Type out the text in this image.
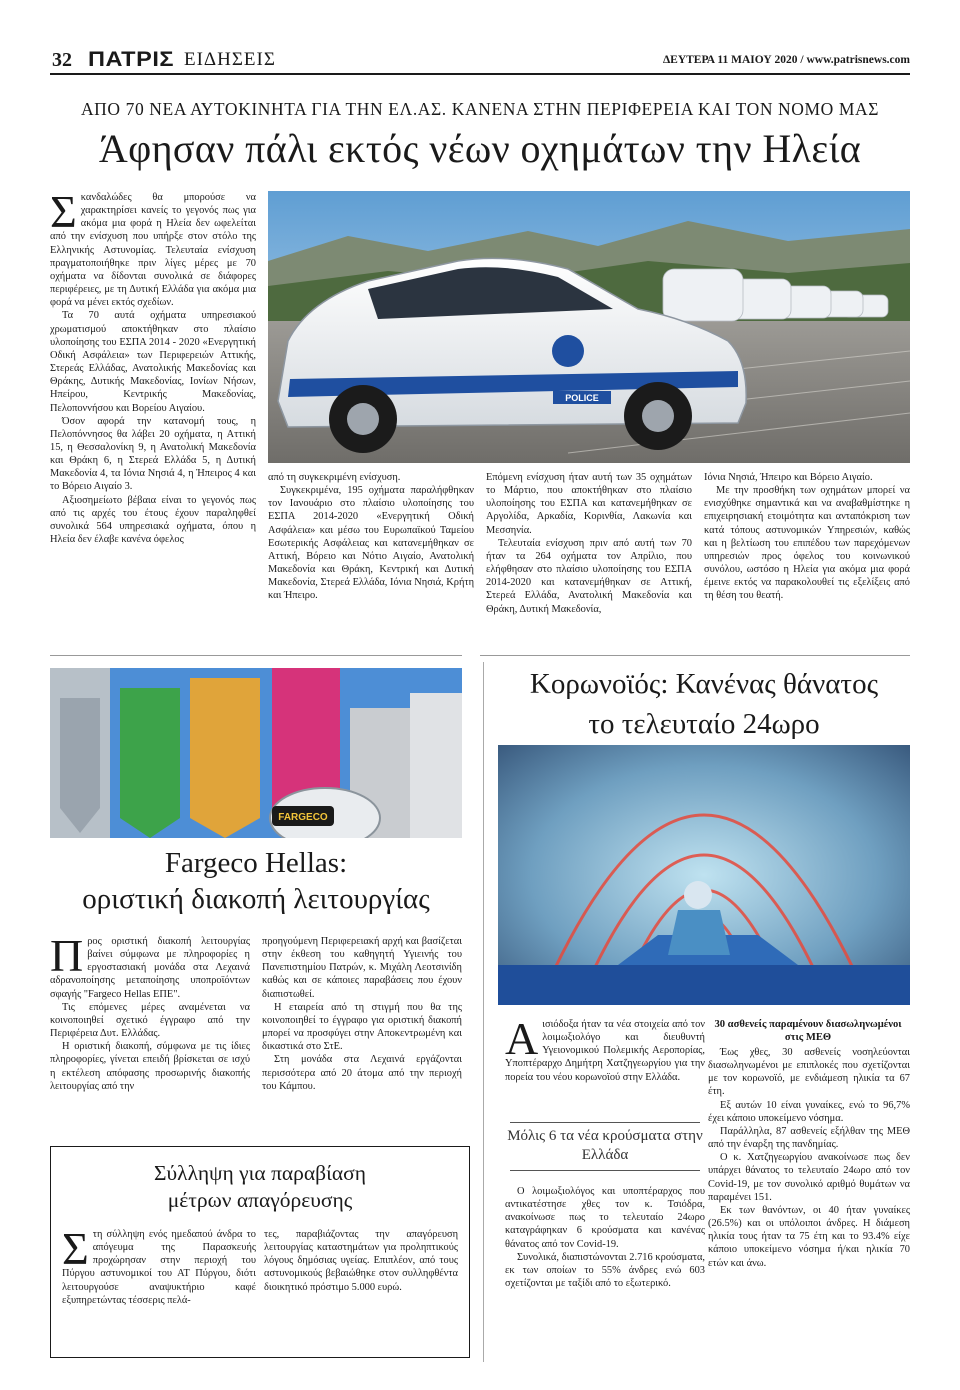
32 ΠΑΤΡΙΣ ΕΙΔΗΣΕΙΣ	ΔΕΥΤΕΡΑ 11 ΜΑΙΟΥ 2020 / www.patrisnews.com
ΑΠΟ 70 ΝΕΑ ΑΥΤΟΚΙΝΗΤΑ ΓΙΑ ΤΗΝ ΕΛ.ΑΣ. ΚΑΝΕΝΑ ΣΤΗΝ ΠΕΡΙΦΕΡΕΙΑ ΚΑΙ ΤΟΝ ΝΟΜΟ ΜΑΣ
Άφησαν πάλι εκτός νέων οχημάτων την Ηλεία

Σκανδαλώδες θα μπορούσε να χαρακτηρίσει κανείς το γεγονός πως για ακόμα μια φορά η Ηλεία δεν ωφελείται από την ενίσχυση που υπήρξε στον στόλο της Ελληνικής Αστυνομίας. Τελευταία ενίσχυση πραγματοποιήθηκε πριν λίγες μέρες με 70 οχήματα να δίδονται συνολικά σε διάφορες περιφέρειες, με τη Δυτική Ελλάδα για ακόμα μια φορά να μένει εκτός σχεδίων.

Τα 70 αυτά οχήματα υπηρεσιακού χρωματισμού αποκτήθηκαν στο πλαίσιο υλοποίησης του ΕΣΠΑ 2014 - 2020 «Ενεργητική Οδική Ασφάλεια» των Περιφερειών Αττικής, Στερεάς Ελλάδας, Ανατολικής Μακεδονίας και Θράκης, Δυτικής Μακεδονίας, Ιονίων Νήσων, Ηπείρου, Κεντρικής Μακεδονίας, Πελοποννήσου και Βορείου Αιγαίου.

Όσον αφορά την κατανομή τους, η Πελοπόννησος θα λάβει 20 οχήματα, η Αττική 15, η Θεσσαλονίκη 9, η Ανατολική Μακεδονία και Θράκη 6, η Στερεά Ελλάδα 5, η Δυτική Μακεδονία 4, τα Ιόνια Νησιά 4, η Ήπειρος 4 και το Βόρειο Αιγαίο 3.

Αξιοσημείωτο βέβαια είναι το γεγονός πως από τις αρχές του έτους έχουν παραληφθεί συνολικά 564 υπηρεσιακά οχήματα, όπου η Ηλεία δεν έλαβε κανένα όφελος

POLICE

από τη συγκεκριμένη ενίσχυση.

Συγκεκριμένα, 195 οχήματα παραλήφθηκαν τον Ιανουάριο στο πλαίσιο υλοποίησης του ΕΣΠΑ 2014-2020 «Ενεργητική Οδική Ασφάλεια» και μέσω του Ευρωπαϊκού Ταμείου Εσωτερικής Ασφάλειας και κατανεμήθηκαν σε Αττική, Βόρειο και Νότιο Αιγαίο, Ανατολική Μακεδονία και Θράκη, Κεντρική και Δυτική Μακεδονία, Στερεά Ελλάδα, Ιόνια Νησιά, Κρήτη και Ήπειρο.

Επόμενη ενίσχυση ήταν αυτή των 35 οχημάτων το Μάρτιο, που αποκτήθηκαν στο πλαίσιο υλοποίησης του ΕΣΠΑ και κατανεμήθηκαν σε Αργολίδα, Αρκαδία, Κορινθία, Λακωνία και Μεσσηνία.

Τελευταία ενίσχυση πριν από αυτή των 70 ήταν τα 264 οχήματα τον Απρίλιο, που ελήφθησαν στο πλαίσιο υλοποίησης του ΕΣΠΑ 2014-2020 και κατανεμήθηκαν σε Αττική, Στερεά Ελλάδα, Ανατολική Μακεδονία και Θράκη, Δυτική Μακεδονία,

Ιόνια Νησιά, Ήπειρο και Βόρειο Αιγαίο.

Με την προσθήκη των οχημάτων μπορεί να ενισχύθηκε σημαντικά και να αναβαθμίστηκε η επιχειρησιακή ετοιμότητα και ανταπόκριση των κατά τόπους αστυνομικών Υπηρεσιών, καθώς και η βελτίωση του επιπέδου των παρεχόμενων υπηρεσιών προς όφελος του κοινωνικού συνόλου, ωστόσο η Ηλεία για ακόμα μια φορά έμεινε εκτός να παρακολουθεί τις εξελίξεις από τη θέση του θεατή.

FARGECO
Fargeco Hellas:
οριστική διακοπή λειτουργίας

Προς οριστική διακοπή λειτουργίας βαίνει σύμφωνα με πληροφορίες η εργοστασιακή μονάδα στα Λεχαινά αδρανοποίησης μεταποίησης υποπροϊόντων σφαγής "Fargeco Hellas ΕΠΕ".

Τις επόμενες μέρες αναμένεται να κοινοποιηθεί σχετικό έγγραφο από την Περιφέρεια Δυτ. Ελλάδας.

Η οριστική διακοπή, σύμφωνα με τις ίδιες πληροφορίες, γίνεται επειδή βρίσκεται σε ισχύ η εκτέλεση απόφασης προσωρινής διακοπής λειτουργίας από την

προηγούμενη Περιφερειακή αρχή και βασίζεται στην έκθεση του καθηγητή Υγιεινής του Πανεπιστημίου Πατρών, κ. Μιχάλη Λεοτσινίδη καθώς και σε κάποιες παραβάσεις που έχουν διαπιστωθεί.

Η εταιρεία από τη στιγμή που θα της κοινοποιηθεί το έγγραφο για οριστική διακοπή μπορεί να προσφύγει στην Αποκεντρωμένη και δικαστικά στο ΣτΕ.

Στη μονάδα στα Λεχαινά εργάζονται περισσότερα από 20 άτομα από την περιοχή του Κάμπου.

Σύλληψη για παραβίαση
μέτρων απαγόρευσης

Στη σύλληψη ενός ημεδαπού άνδρα το απόγευμα της Παρασκευής προχώρησαν στην περιοχή του Πύργου αστυνομικοί του ΑΤ Πύργου, διότι λειτουργούσε αναψυκτήριο καφέ εξυπηρετώντας τέσσερις πελά-

τες, παραβιάζοντας την απαγόρευση λειτουργίας καταστημάτων για προληπτικούς λόγους δημόσιας υγείας. Επιπλέον, από τους αστυνομικούς βεβαιώθηκε στον συλληφθέντα διοικητικό πρόστιμο 5.000 ευρώ.

Κορωνοϊός: Κανένας θάνατος
το τελευταίο 24ωρο

Αισιόδοξα ήταν τα νέα στοιχεία από τον λοιμωξιολόγο και διευθυντή Υγειονομικού Πολεμικής Αεροπορίας, Υποπτέραρχο Δημήτρη Χατζηγεωργίου για την πορεία του νέου κορωνοϊού στην Ελλάδα.

Μόλις 6 τα νέα κρούσματα στην Ελλάδα

Ο λοιμωξιολόγος και υποπτέραρχος που αντικατέστησε χθες τον κ. Τσιόδρα, ανακοίνωσε πως το τελευταίο 24ωρο καταγράφηκαν 6 κρούσματα και κανένας θάνατος από τον Covid-19.

Συνολικά, διαπιστώνονται 2.716 κρούσματα, εκ των οποίων το 55% άνδρες ενώ 603 σχετίζονται με ταξίδι από το εξωτερικό.

30 ασθενείς παραμένουν διασωληνωμένοι στις ΜΕΘ

Έως χθες, 30 ασθενείς νοσηλεύονται διασωληνωμένοι με επιπλοκές που σχετίζονται με τον κορωνοϊό, με ενδιάμεση ηλικία τα 67 έτη.

Εξ αυτών 10 είναι γυναίκες, ενώ το 96,7% έχει κάποιο υποκείμενο νόσημα.

Παράλληλα, 87 ασθενείς εξήλθαν της ΜΕΘ από την έναρξη της πανδημίας.

Ο κ. Χατζηγεωργίου ανακοίνωσε πως δεν υπάρχει θάνατος το τελευταίο 24ωρο από τον Covid-19, με τον συνολικό αριθμό θυμάτων να παραμένει 151.

Εκ των θανόντων, οι 40 ήταν γυναίκες (26.5%) και οι υπόλοιποι άνδρες. Η διάμεση ηλικία τους ήταν τα 75 έτη και το 93.4% είχε κάποιο υποκείμενο νόσημα ή/και ηλικία 70 ετών και άνω.
